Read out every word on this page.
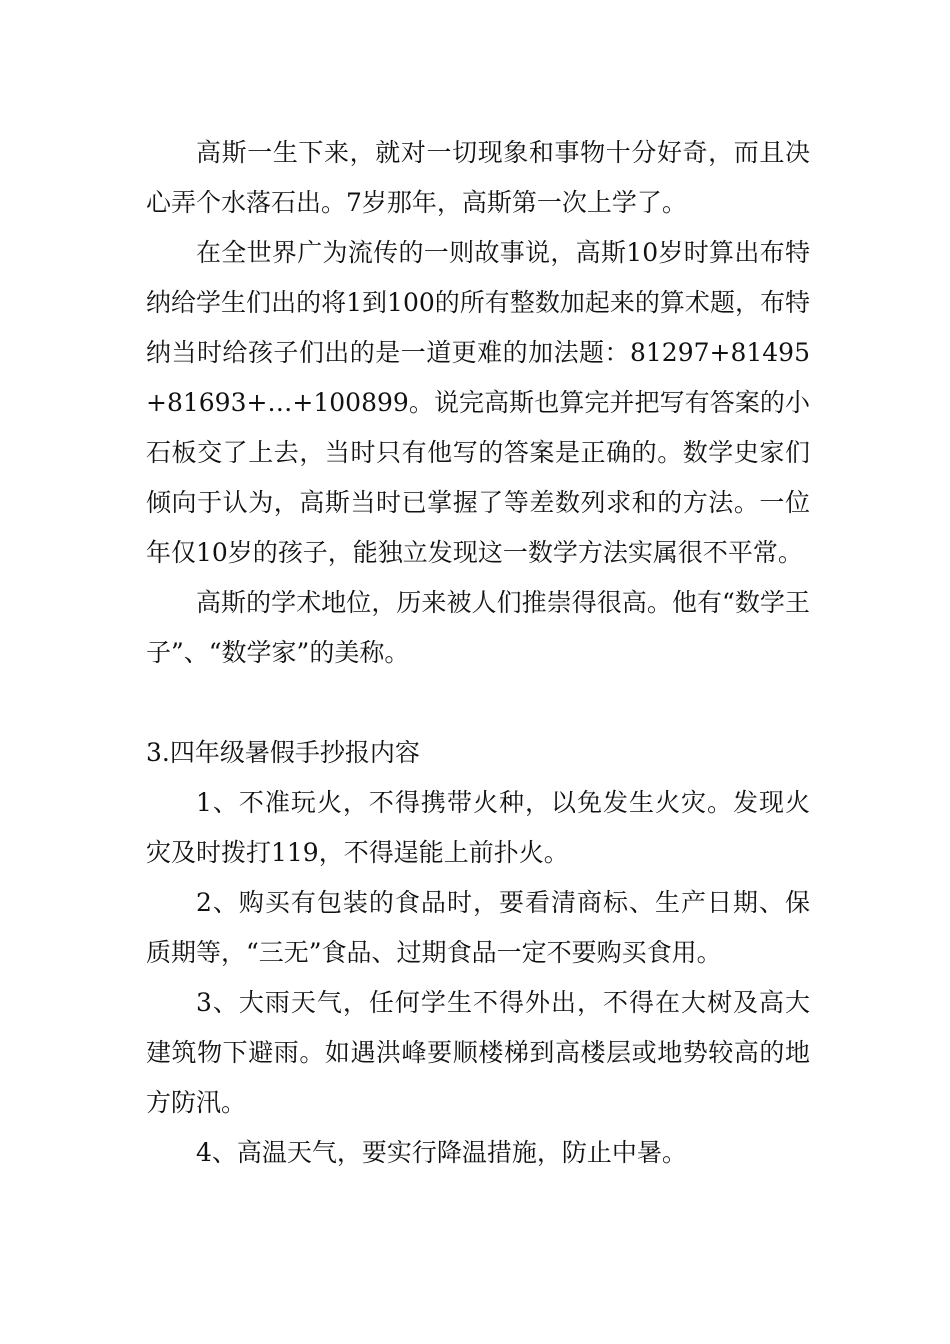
高斯一生下来，就对一切现象和事物十分好奇，而且决心弄个水落石出。7岁那年，高斯第一次上学了。

在全世界广为流传的一则故事说，高斯10岁时算出布特纳给学生们出的将1到100的所有整数加起来的算术题，布特纳当时给孩子们出的是一道更难的加法题：81297+81495+81693+…+100899。说完高斯也算完并把写有答案的小石板交了上去，当时只有他写的答案是正确的。数学史家们倾向于认为，高斯当时已掌握了等差数列求和的方法。一位年仅10岁的孩子，能独立发现这一数学方法实属很不平常。

高斯的学术地位，历来被人们推崇得很高。他有“数学王子”、“数学家”的美称。

3.四年级暑假手抄报内容

1、不准玩火，不得携带火种，以免发生火灾。发现火灾及时拨打119，不得逞能上前扑火。

2、购买有包装的食品时，要看清商标、生产日期、保质期等，“三无”食品、过期食品一定不要购买食用。

3、大雨天气，任何学生不得外出，不得在大树及高大建筑物下避雨。如遇洪峰要顺楼梯到高楼层或地势较高的地方防汛。

4、高温天气，要实行降温措施，防止中暑。
